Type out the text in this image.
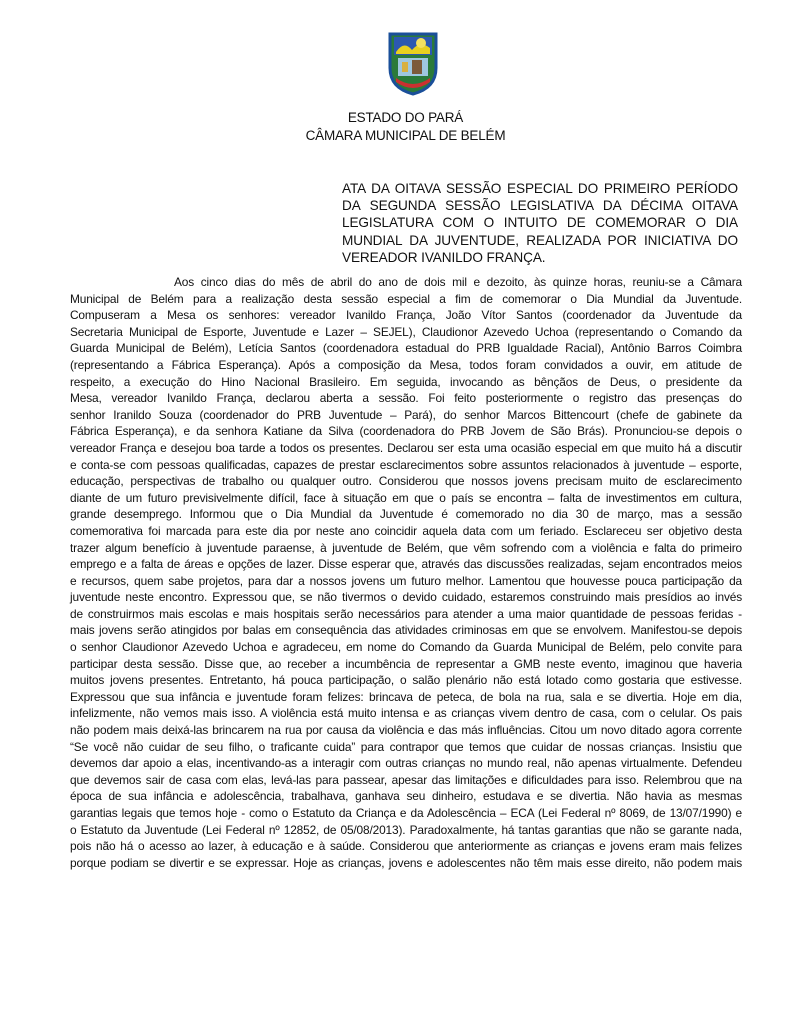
ESTADO DO PARÁ
CÂMARA MUNICIPAL DE BELÉM
ATA DA OITAVA SESSÃO ESPECIAL DO PRIMEIRO PERÍODO
DA SEGUNDA SESSÃO LEGISLATIVA DA DÉCIMA OITAVA
LEGISLATURA COM O INTUITO DE COMEMORAR O DIA
MUNDIAL DA JUVENTUDE, REALIZADA POR INICIATIVA DO
VEREADOR IVANILDO FRANÇA.
Aos cinco dias do mês de abril do ano de dois mil e dezoito, às quinze horas, reuniu-se a Câmara
Municipal de Belém para a realização desta sessão especial a fim de comemorar o Dia Mundial da Juventude.
Compuseram a Mesa os senhores: vereador Ivanildo França, João Vítor Santos (coordenador da Juventude da
Secretaria Municipal de Esporte, Juventude e Lazer – SEJEL), Claudionor Azevedo Uchoa (representando o Comando da
Guarda Municipal de Belém), Letícia Santos (coordenadora estadual do PRB Igualdade Racial), Antônio Barros Coimbra
(representando a Fábrica Esperança). Após a composição da Mesa, todos foram convidados a ouvir, em atitude de
respeito, a execução do Hino Nacional Brasileiro. Em seguida, invocando as bênçãos de Deus, o presidente da
Mesa, vereador Ivanildo França, declarou aberta a sessão. Foi feito posteriormente o registro das presenças do
senhor Iranildo Souza (coordenador do PRB Juventude – Pará), do senhor Marcos Bittencourt (chefe de gabinete da
Fábrica Esperança), e da senhora Katiane da Silva (coordenadora do PRB Jovem de São Brás). Pronunciou-se depois o
vereador França e desejou boa tarde a todos os presentes. Declarou ser esta uma ocasião especial em que muito há a discutir
e conta-se com pessoas qualificadas, capazes de prestar esclarecimentos sobre assuntos relacionados à juventude – esporte,
educação, perspectivas de trabalho ou qualquer outro. Considerou que nossos jovens precisam muito de esclarecimento
diante de um futuro previsivelmente difícil, face à situação em que o país se encontra – falta de investimentos em cultura,
grande desemprego. Informou que o Dia Mundial da Juventude é comemorado no dia 30 de março, mas a sessão
comemorativa foi marcada para este dia por neste ano coincidir aquela data com um feriado. Esclareceu ser objetivo desta
trazer algum benefício à juventude paraense, à juventude de Belém, que vêm sofrendo com a violência e falta do primeiro
emprego e a falta de áreas e opções de lazer. Disse esperar que, através das discussões realizadas, sejam encontrados meios
e recursos, quem sabe projetos, para dar a nossos jovens um futuro melhor. Lamentou que houvesse pouca participação da
juventude neste encontro. Expressou que, se não tivermos o devido cuidado, estaremos construindo mais presídios ao invés
de construirmos mais escolas e mais hospitais serão necessários para atender a uma maior quantidade de pessoas feridas -
mais jovens serão atingidos por balas em consequência das atividades criminosas em que se envolvem. Manifestou-se depois
o senhor Claudionor Azevedo Uchoa e agradeceu, em nome do Comando da Guarda Municipal de Belém, pelo convite para
participar desta sessão. Disse que, ao receber a incumbência de representar a GMB neste evento, imaginou que haveria
muitos jovens presentes. Entretanto, há pouca participação, o salão plenário não está lotado como gostaria que estivesse.
Expressou que sua infância e juventude foram felizes: brincava de peteca, de bola na rua, sala e se divertia. Hoje em dia,
infelizmente, não vemos mais isso. A violência está muito intensa e as crianças vivem dentro de casa, com o celular. Os pais
não podem mais deixá-las brincarem na rua por causa da violência e das más influências. Citou um novo ditado agora corrente
“Se você não cuidar de seu filho, o traficante cuida” para contrapor que temos que cuidar de nossas crianças. Insistiu que
devemos dar apoio a elas, incentivando-as a interagir com outras crianças no mundo real, não apenas virtualmente. Defendeu
que devemos sair de casa com elas, levá-las para passear, apesar das limitações e dificuldades para isso. Relembrou que na
época de sua infância e adolescência, trabalhava, ganhava seu dinheiro, estudava e se divertia. Não havia as mesmas
garantias legais que temos hoje - como o Estatuto da Criança e da Adolescência – ECA (Lei Federal nº 8069, de 13/07/1990) e
o Estatuto da Juventude (Lei Federal nº 12852, de 05/08/2013). Paradoxalmente, há tantas garantias que não se garante nada,
pois não há o acesso ao lazer, à educação e à saúde. Considerou que anteriormente as crianças e jovens eram mais felizes
porque podiam se divertir e se expressar. Hoje as crianças, jovens e adolescentes não têm mais esse direito, não podem mais
